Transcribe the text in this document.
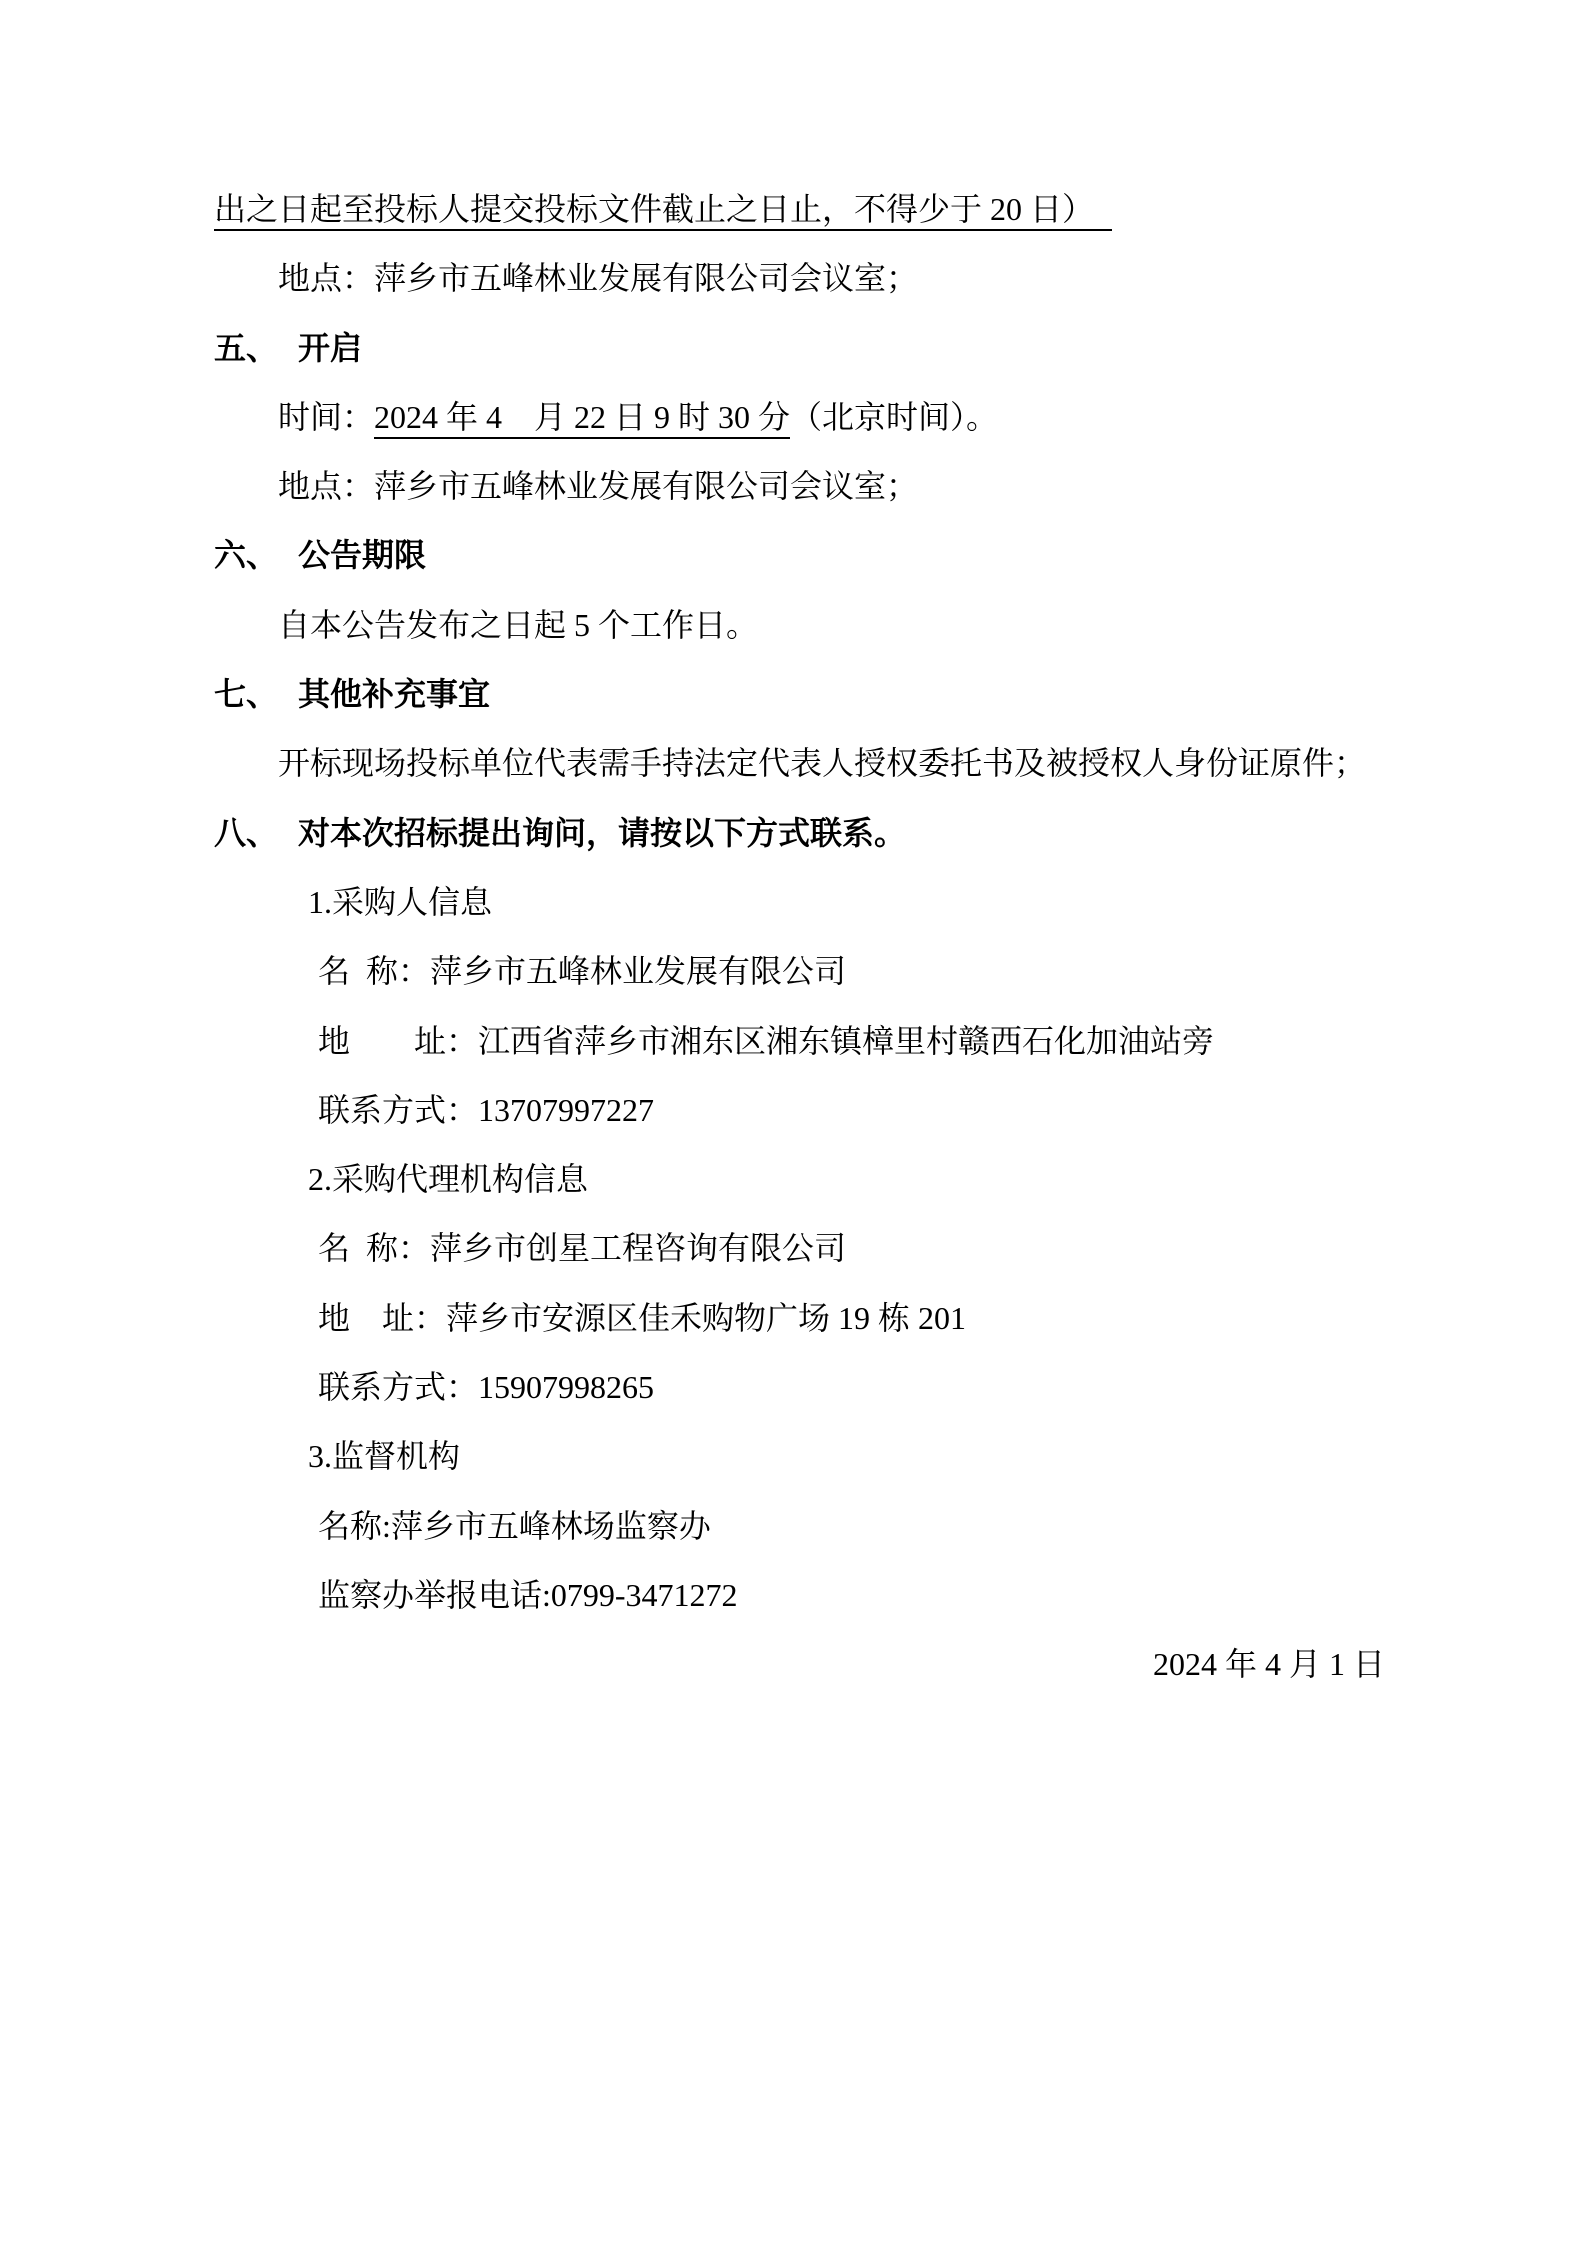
出之日起至投标人提交投标文件截止之日止，不得少于 20 日）
地点：萍乡市五峰林业发展有限公司会议室；
五、 开启
时间：2024 年 4　月 22 日 9 时 30 分（北京时间）。
地点：萍乡市五峰林业发展有限公司会议室；
六、 公告期限
自本公告发布之日起 5 个工作日。
七、 其他补充事宜
开标现场投标单位代表需手持法定代表人授权委托书及被授权人身份证原件；
八、 对本次招标提出询问，请按以下方式联系。
1.采购人信息
名  称：萍乡市五峰林业发展有限公司
地　　址：江西省萍乡市湘东区湘东镇樟里村赣西石化加油站旁
联系方式：13707997227
2.采购代理机构信息
名  称：萍乡市创星工程咨询有限公司
地　址：萍乡市安源区佳禾购物广场 19 栋 201
联系方式：15907998265
3.监督机构
名称:萍乡市五峰林场监察办
监察办举报电话:0799-3471272
2024 年 4 月 1 日
